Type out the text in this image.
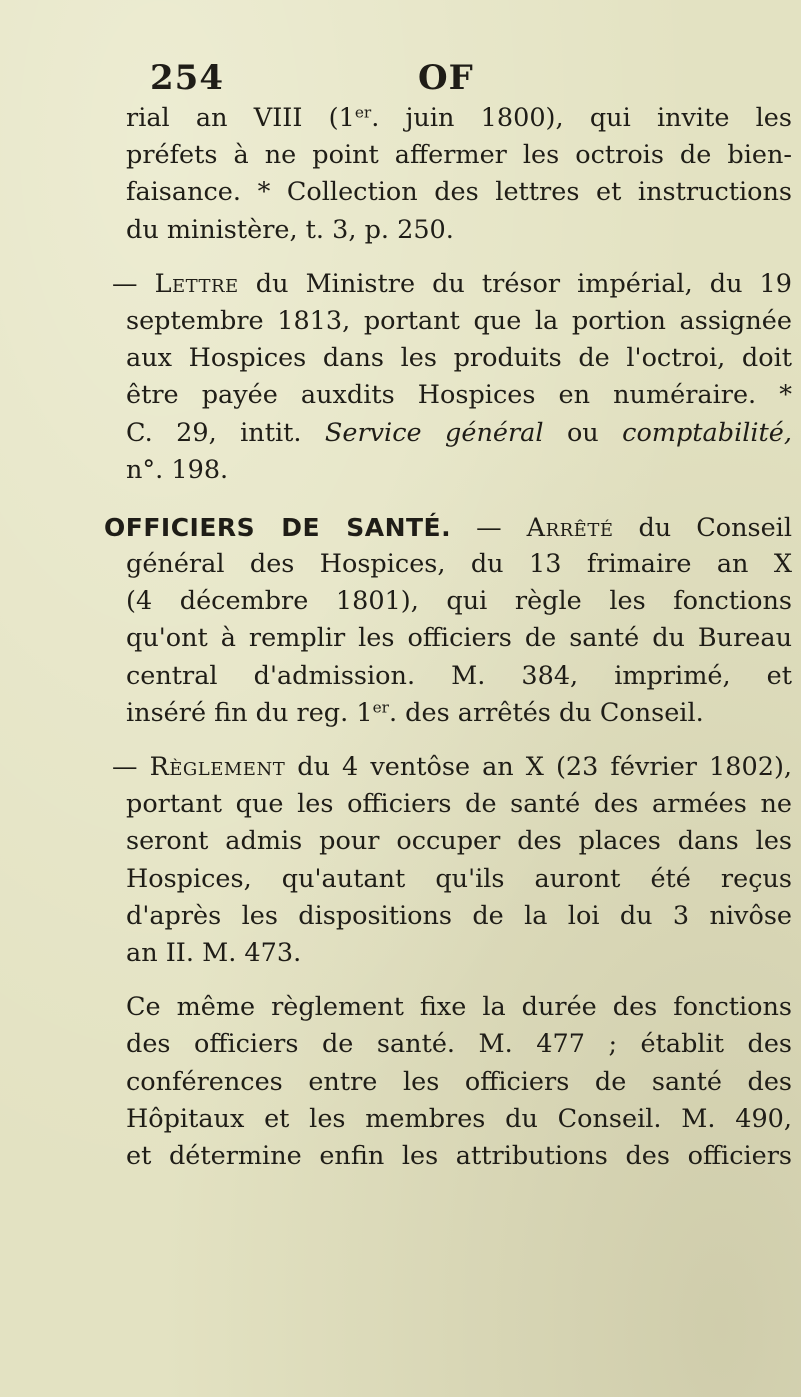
254	OF
rial an VIII (1er. juin 1800), qui invite les
préfets à ne point affermer les octrois de bien-
faisance. * Collection des lettres et instructions
du ministère, t. 3, p. 250.
— Lettre du Ministre du trésor impérial, du 19
septembre 1813, portant que la portion assignée
aux Hospices dans les produits de l'octroi, doit
être payée auxdits Hospices en numéraire. *
C. 29, intit. Service général ou comptabilité,
n°. 198.
OFFICIERS DE SANTÉ. — Arrêté du Conseil
général des Hospices, du 13 frimaire an X
(4 décembre 1801), qui règle les fonctions
qu'ont à remplir les officiers de santé du Bureau
central d'admission. M. 384, imprimé, et
inséré fin du reg. 1er. des arrêtés du Conseil.
— Règlement du 4 ventôse an X (23 février 1802),
portant que les officiers de santé des armées ne
seront admis pour occuper des places dans les
Hospices, qu'autant qu'ils auront été reçus
d'après les dispositions de la loi du 3 nivôse
an II. M. 473.
Ce même règlement fixe la durée des fonctions
des officiers de santé. M. 477 ; établit des
conférences entre les officiers de santé des
Hôpitaux et les membres du Conseil. M. 490,
et détermine enfin les attributions des officiers
